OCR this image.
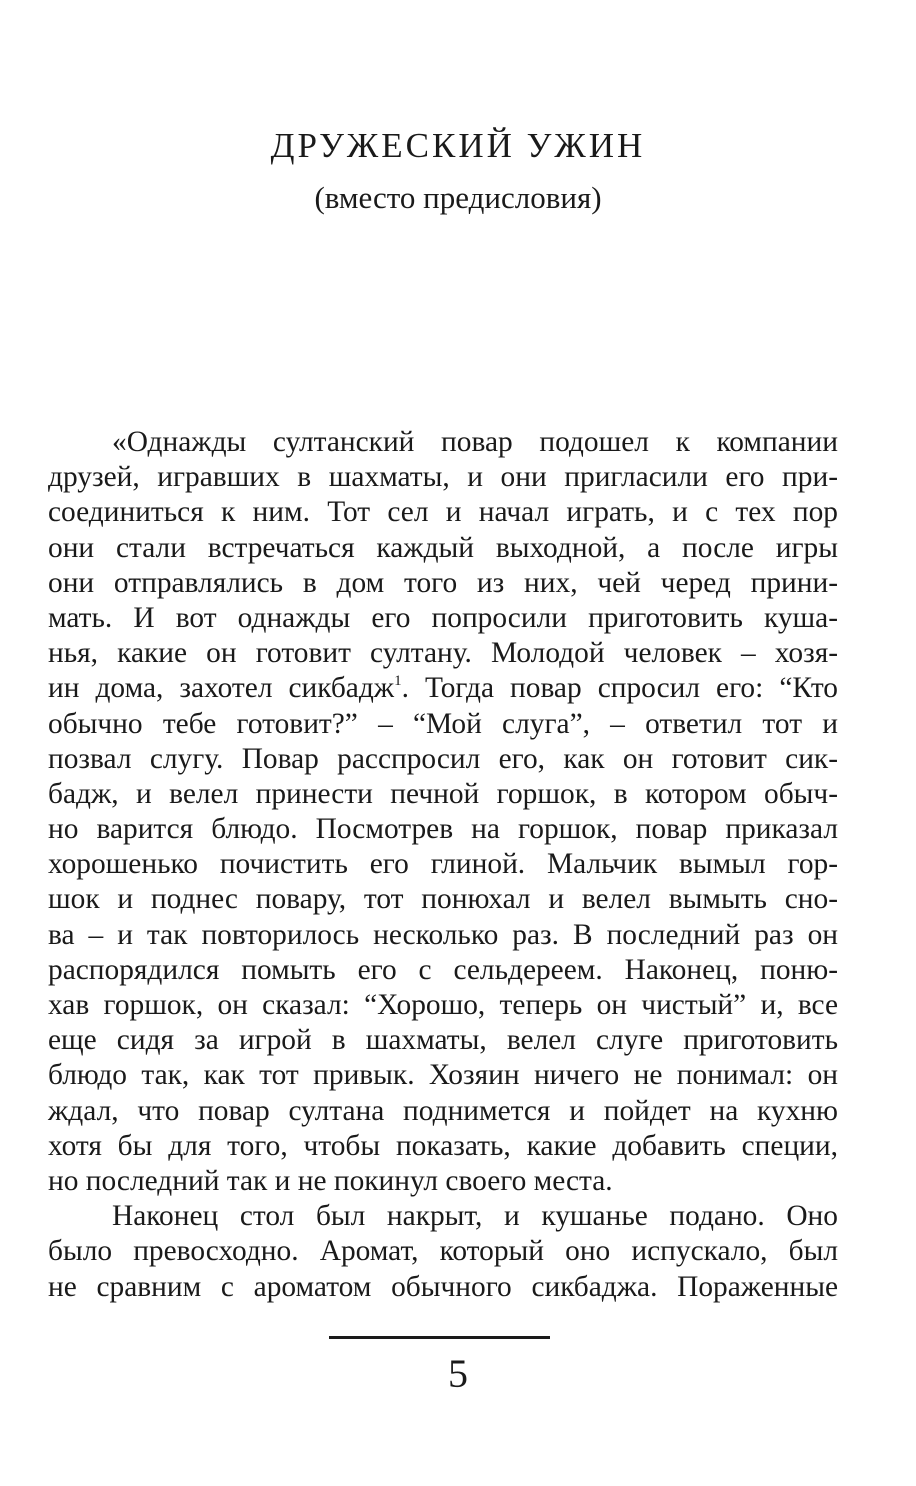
ДРУЖЕСКИЙ УЖИН
(вместо предисловия)
«Однажды султанский повар подошел к компании
друзей, игравших в шахматы, и они пригласили его при-
соединиться к ним. Тот сел и начал играть, и с тех пор
они стали встречаться каждый выходной, а после игры
они отправлялись в дом того из них, чей черед прини-
мать. И вот однажды его попросили приготовить куша-
нья, какие он готовит султану. Молодой человек – хозя-
ин дома, захотел сикбадж$^1$. Тогда повар спросил его: “Кто
обычно тебе готовит?” – “Мой слуга”, – ответил тот и
позвал слугу. Повар расспросил его, как он готовит сик-
бадж, и велел принести печной горшок, в котором обыч-
но варится блюдо. Посмотрев на горшок, повар приказал
хорошенько почистить его глиной. Мальчик вымыл гор-
шок и поднес повару, тот понюхал и велел вымыть сно-
ва – и так повторилось несколько раз. В последний раз он
распорядился помыть его с сельдереем. Наконец, поню-
хав горшок, он сказал: “Хорошо, теперь он чистый” и, все
еще сидя за игрой в шахматы, велел слуге приготовить
блюдо так, как тот привык. Хозяин ничего не понимал: он
ждал, что повар султана поднимется и пойдет на кухню
хотя бы для того, чтобы показать, какие добавить специи,
но последний так и не покинул своего места.
Наконец стол был накрыт, и кушанье подано. Оно
было превосходно. Аромат, который оно испускало, был
не сравним с ароматом обычного сикбаджа. Пораженные
5
